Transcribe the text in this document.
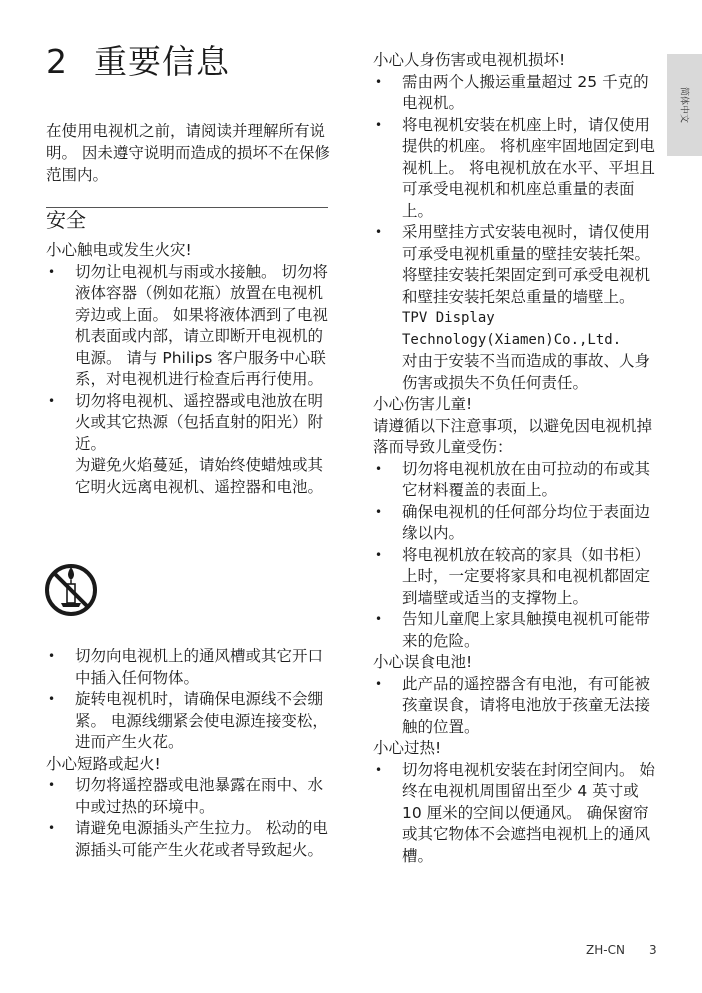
2 重要信息

在使用电视机之前，请阅读并理解所有说明。 因未遵守说明而造成的损坏不在保修范围内。

安全

小心触电或发生火灾!

• 切勿让电视机与雨或水接触。 切勿将液体容器（例如花瓶）放置在电视机旁边或上面。 如果将液体洒到了电视机表面或内部，请立即断开电视机的电源。 请与 Philips 客户服务中心联系，对电视机进行检查后再行使用。
• 切勿将电视机、遥控器或电池放在明火或其它热源（包括直射的阳光）附近。
为避免火焰蔓延，请始终使蜡烛或其它明火远离电视机、遥控器和电池。
• 切勿向电视机上的通风槽或其它开口中插入任何物体。
• 旋转电视机时，请确保电源线不会绷紧。 电源线绷紧会使电源连接变松，进而产生火花。

小心短路或起火!

• 切勿将遥控器或电池暴露在雨中、水中或过热的环境中。
• 请避免电源插头产生拉力。 松动的电源插头可能产生火花或者导致起火。

小心人身伤害或电视机损坏!

• 需由两个人搬运重量超过 25 千克的电视机。
• 将电视机安装在机座上时，请仅使用提供的机座。 将机座牢固地固定到电视机上。 将电视机放在水平、平坦且可承受电视机和机座总重量的表面上。
• 采用壁挂方式安装电视时，请仅使用可承受电视机重量的壁挂安装托架。将壁挂安装托架固定到可承受电视机和壁挂安装托架总重量的墙壁上。
TPV Display
Technology(Xiamen)Co.,Ltd.
对由于安装不当而造成的事故、人身伤害或损失不负任何责任。

小心伤害儿童!

请遵循以下注意事项，以避免因电视机掉落而导致儿童受伤：

• 切勿将电视机放在由可拉动的布或其它材料覆盖的表面上。
• 确保电视机的任何部分均位于表面边缘以内。
• 将电视机放在较高的家具（如书柜）上时，一定要将家具和电视机都固定到墙壁或适当的支撑物上。
• 告知儿童爬上家具触摸电视机可能带来的危险。

小心误食电池!

• 此产品的遥控器含有电池，有可能被孩童误食，请将电池放于孩童无法接触的位置。

小心过热!

• 切勿将电视机安装在封闭空间内。 始终在电视机周围留出至少 4 英寸或 10 厘米的空间以便通风。 确保窗帘或其它物体不会遮挡电视机上的通风槽。
简体中文
ZH-CN 3
